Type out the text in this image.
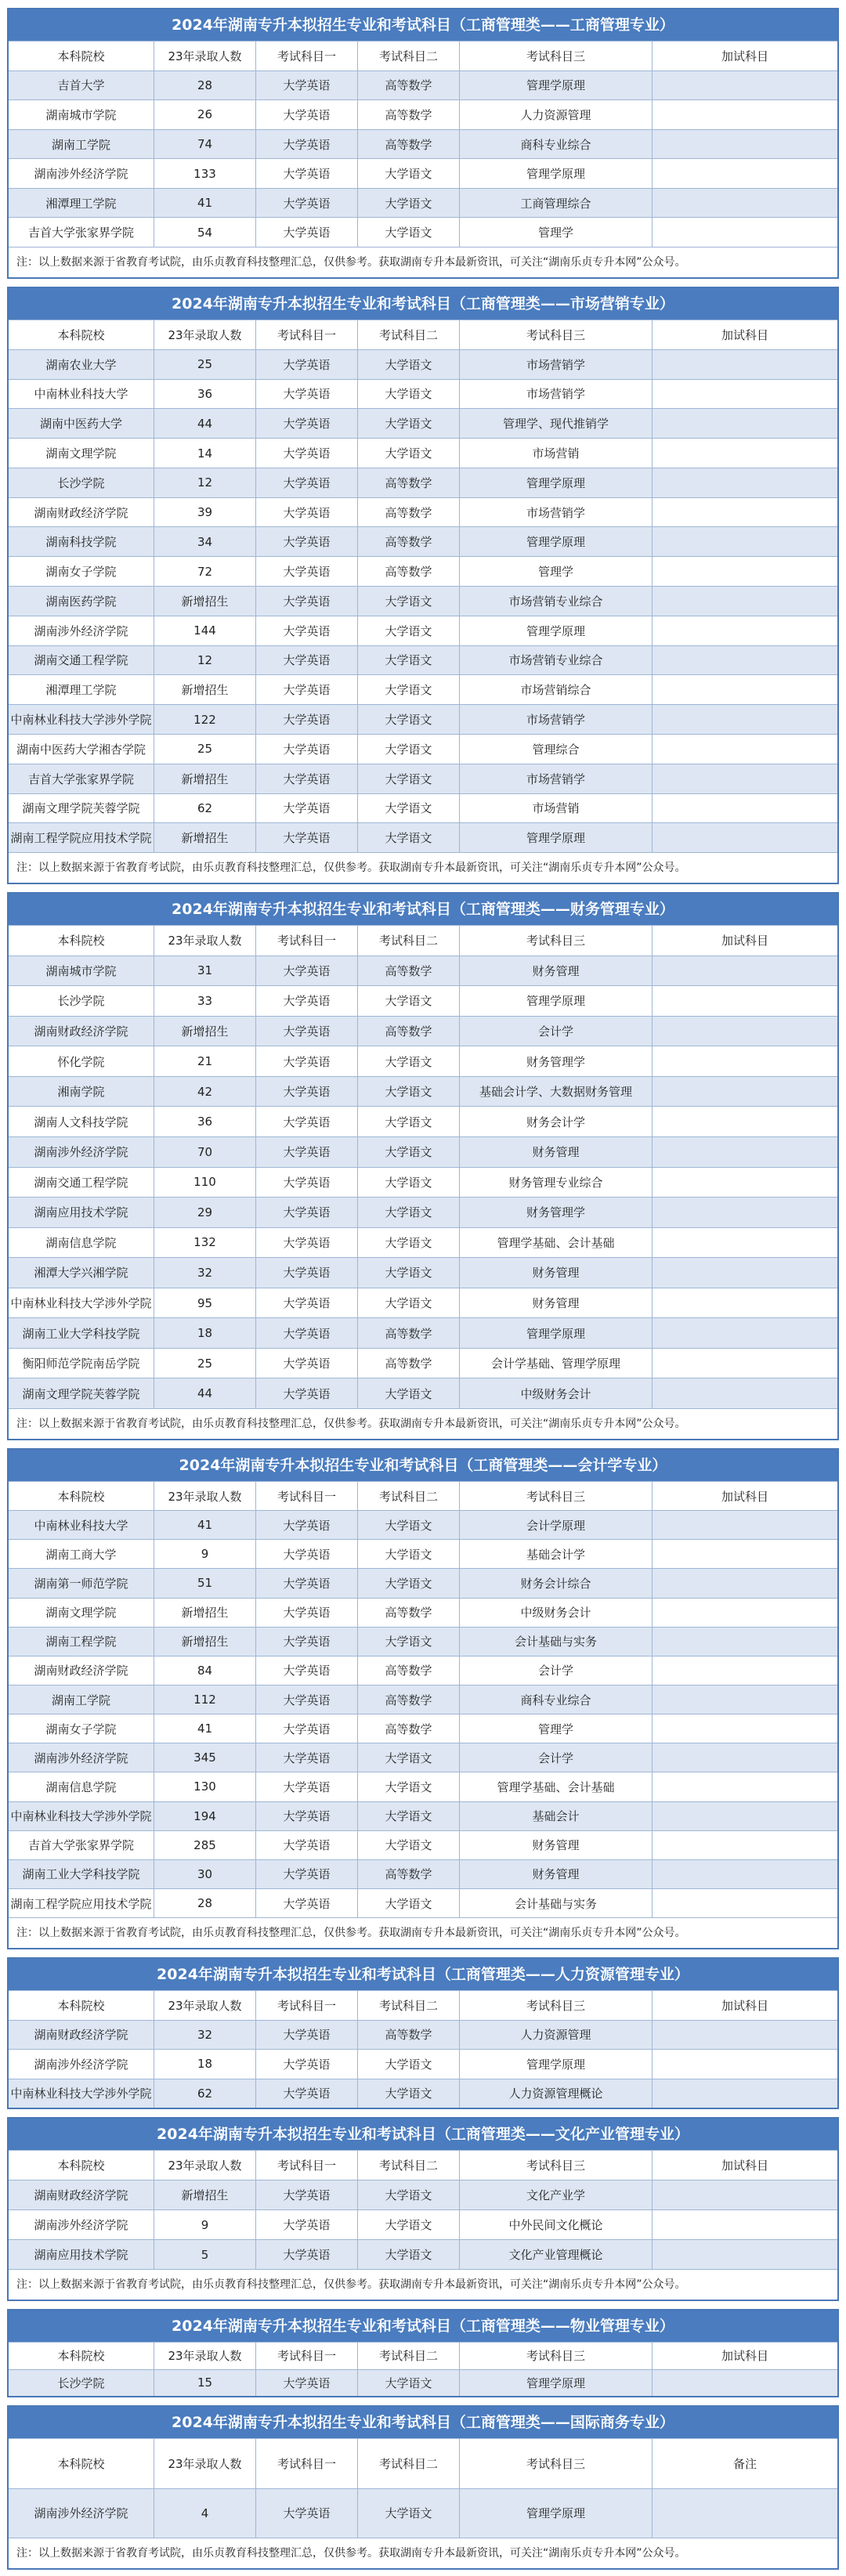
2024年湖南专升本拟招生专业和考试科目（工商管理类——工商管理专业）
本科院校	23年录取人数	考试科目一	考试科目二	考试科目三	加试科目
吉首大学	28	大学英语	高等数学	管理学原理
湖南城市学院	26	大学英语	高等数学	人力资源管理
湖南工学院	74	大学英语	高等数学	商科专业综合
湖南涉外经济学院	133	大学英语	大学语文	管理学原理
湘潭理工学院	41	大学英语	大学语文	工商管理综合
吉首大学张家界学院	54	大学英语	大学语文	管理学
注：以上数据来源于省教育考试院，由乐贞教育科技整理汇总，仅供参考。获取湖南专升本最新资讯，可关注“湖南乐贞专升本网”公众号。
2024年湖南专升本拟招生专业和考试科目（工商管理类——市场营销专业）
本科院校	23年录取人数	考试科目一	考试科目二	考试科目三	加试科目
湖南农业大学	25	大学英语	大学语文	市场营销学
中南林业科技大学	36	大学英语	大学语文	市场营销学
湖南中医药大学	44	大学英语	大学语文	管理学、现代推销学
湖南文理学院	14	大学英语	大学语文	市场营销
长沙学院	12	大学英语	高等数学	管理学原理
湖南财政经济学院	39	大学英语	高等数学	市场营销学
湖南科技学院	34	大学英语	高等数学	管理学原理
湖南女子学院	72	大学英语	高等数学	管理学
湖南医药学院	新增招生	大学英语	大学语文	市场营销专业综合
湖南涉外经济学院	144	大学英语	大学语文	管理学原理
湖南交通工程学院	12	大学英语	大学语文	市场营销专业综合
湘潭理工学院	新增招生	大学英语	大学语文	市场营销综合
中南林业科技大学涉外学院	122	大学英语	大学语文	市场营销学
湖南中医药大学湘杏学院	25	大学英语	大学语文	管理综合
吉首大学张家界学院	新增招生	大学英语	大学语文	市场营销学
湖南文理学院芙蓉学院	62	大学英语	大学语文	市场营销
湖南工程学院应用技术学院	新增招生	大学英语	大学语文	管理学原理
注：以上数据来源于省教育考试院，由乐贞教育科技整理汇总，仅供参考。获取湖南专升本最新资讯，可关注“湖南乐贞专升本网”公众号。
2024年湖南专升本拟招生专业和考试科目（工商管理类——财务管理专业）
本科院校	23年录取人数	考试科目一	考试科目二	考试科目三	加试科目
湖南城市学院	31	大学英语	高等数学	财务管理
长沙学院	33	大学英语	大学语文	管理学原理
湖南财政经济学院	新增招生	大学英语	高等数学	会计学
怀化学院	21	大学英语	大学语文	财务管理学
湘南学院	42	大学英语	大学语文	基础会计学、大数据财务管理
湖南人文科技学院	36	大学英语	大学语文	财务会计学
湖南涉外经济学院	70	大学英语	大学语文	财务管理
湖南交通工程学院	110	大学英语	大学语文	财务管理专业综合
湖南应用技术学院	29	大学英语	大学语文	财务管理学
湖南信息学院	132	大学英语	大学语文	管理学基础、会计基础
湘潭大学兴湘学院	32	大学英语	大学语文	财务管理
中南林业科技大学涉外学院	95	大学英语	大学语文	财务管理
湖南工业大学科技学院	18	大学英语	高等数学	管理学原理
衡阳师范学院南岳学院	25	大学英语	高等数学	会计学基础、管理学原理
湖南文理学院芙蓉学院	44	大学英语	大学语文	中级财务会计
注：以上数据来源于省教育考试院，由乐贞教育科技整理汇总，仅供参考。获取湖南专升本最新资讯，可关注“湖南乐贞专升本网”公众号。
2024年湖南专升本拟招生专业和考试科目（工商管理类——会计学专业）
本科院校	23年录取人数	考试科目一	考试科目二	考试科目三	加试科目
中南林业科技大学	41	大学英语	大学语文	会计学原理
湖南工商大学	9	大学英语	大学语文	基础会计学
湖南第一师范学院	51	大学英语	大学语文	财务会计综合
湖南文理学院	新增招生	大学英语	高等数学	中级财务会计
湖南工程学院	新增招生	大学英语	大学语文	会计基础与实务
湖南财政经济学院	84	大学英语	高等数学	会计学
湖南工学院	112	大学英语	高等数学	商科专业综合
湖南女子学院	41	大学英语	高等数学	管理学
湖南涉外经济学院	345	大学英语	大学语文	会计学
湖南信息学院	130	大学英语	大学语文	管理学基础、会计基础
中南林业科技大学涉外学院	194	大学英语	大学语文	基础会计
吉首大学张家界学院	285	大学英语	大学语文	财务管理
湖南工业大学科技学院	30	大学英语	高等数学	财务管理
湖南工程学院应用技术学院	28	大学英语	大学语文	会计基础与实务
注：以上数据来源于省教育考试院，由乐贞教育科技整理汇总，仅供参考。获取湖南专升本最新资讯，可关注“湖南乐贞专升本网”公众号。
2024年湖南专升本拟招生专业和考试科目（工商管理类——人力资源管理专业）
本科院校	23年录取人数	考试科目一	考试科目二	考试科目三	加试科目
湖南财政经济学院	32	大学英语	高等数学	人力资源管理
湖南涉外经济学院	18	大学英语	大学语文	管理学原理
中南林业科技大学涉外学院	62	大学英语	大学语文	人力资源管理概论
2024年湖南专升本拟招生专业和考试科目（工商管理类——文化产业管理专业）
本科院校	23年录取人数	考试科目一	考试科目二	考试科目三	加试科目
湖南财政经济学院	新增招生	大学英语	大学语文	文化产业学
湖南涉外经济学院	9	大学英语	大学语文	中外民间文化概论
湖南应用技术学院	5	大学英语	大学语文	文化产业管理概论
注：以上数据来源于省教育考试院，由乐贞教育科技整理汇总，仅供参考。获取湖南专升本最新资讯，可关注“湖南乐贞专升本网”公众号。
2024年湖南专升本拟招生专业和考试科目（工商管理类——物业管理专业）
本科院校	23年录取人数	考试科目一	考试科目二	考试科目三	加试科目
长沙学院	15	大学英语	大学语文	管理学原理
2024年湖南专升本拟招生专业和考试科目（工商管理类——国际商务专业）
本科院校	23年录取人数	考试科目一	考试科目二	考试科目三	备注
湖南涉外经济学院	4	大学英语	大学语文	管理学原理
注：以上数据来源于省教育考试院，由乐贞教育科技整理汇总，仅供参考。获取湖南专升本最新资讯，可关注“湖南乐贞专升本网”公众号。
